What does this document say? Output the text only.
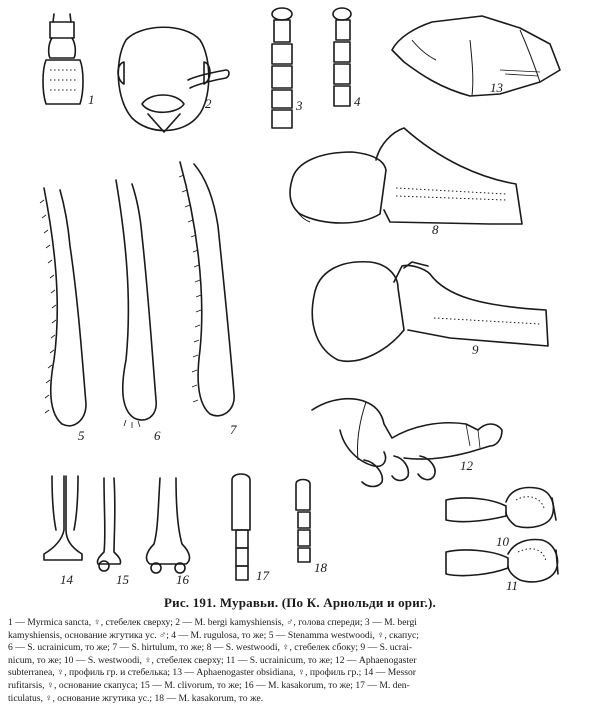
1	2	3	4
13
5	6	7
8
9
12
14	15	16	17
18
10
11
Рис. 191. Муравьи. (По К. Арнольди и ориг.).

1 — Myrmica sancta, ♀, стебелек сверху; 2 — M. bergi kamyshiensis, ♂, голова спереди; 3 — M. bergi

kamyshiensis, основание жгутика ус. ♂; 4 — M. rugulosa, то же; 5 — Stenamma westwoodi, ♀, скапус;

6 — S. ucrainicum, то же; 7 — S. hirtulum, то же; 8 — S. westwoodi, ♀, стебелек сбоку; 9 — S. ucrai-

nicum, то же; 10 — S. westwoodi, ♀, стебелек сверху; 11 — S. ucrainicum, то же; 12 — Aphaenogaster

subterranea, ♀, профиль гр. и стебелька; 13 — Aphaenogaster obsidiana, ♀, профиль гр.; 14 — Messor

rufitarsis, ♀, основание скапуса; 15 — M. clivorum, то же; 16 — M. kasakorum, то же; 17 — M. den-

ticulatus, ♀, основание жгутика ус.; 18 — M. kasakorum, то же.
